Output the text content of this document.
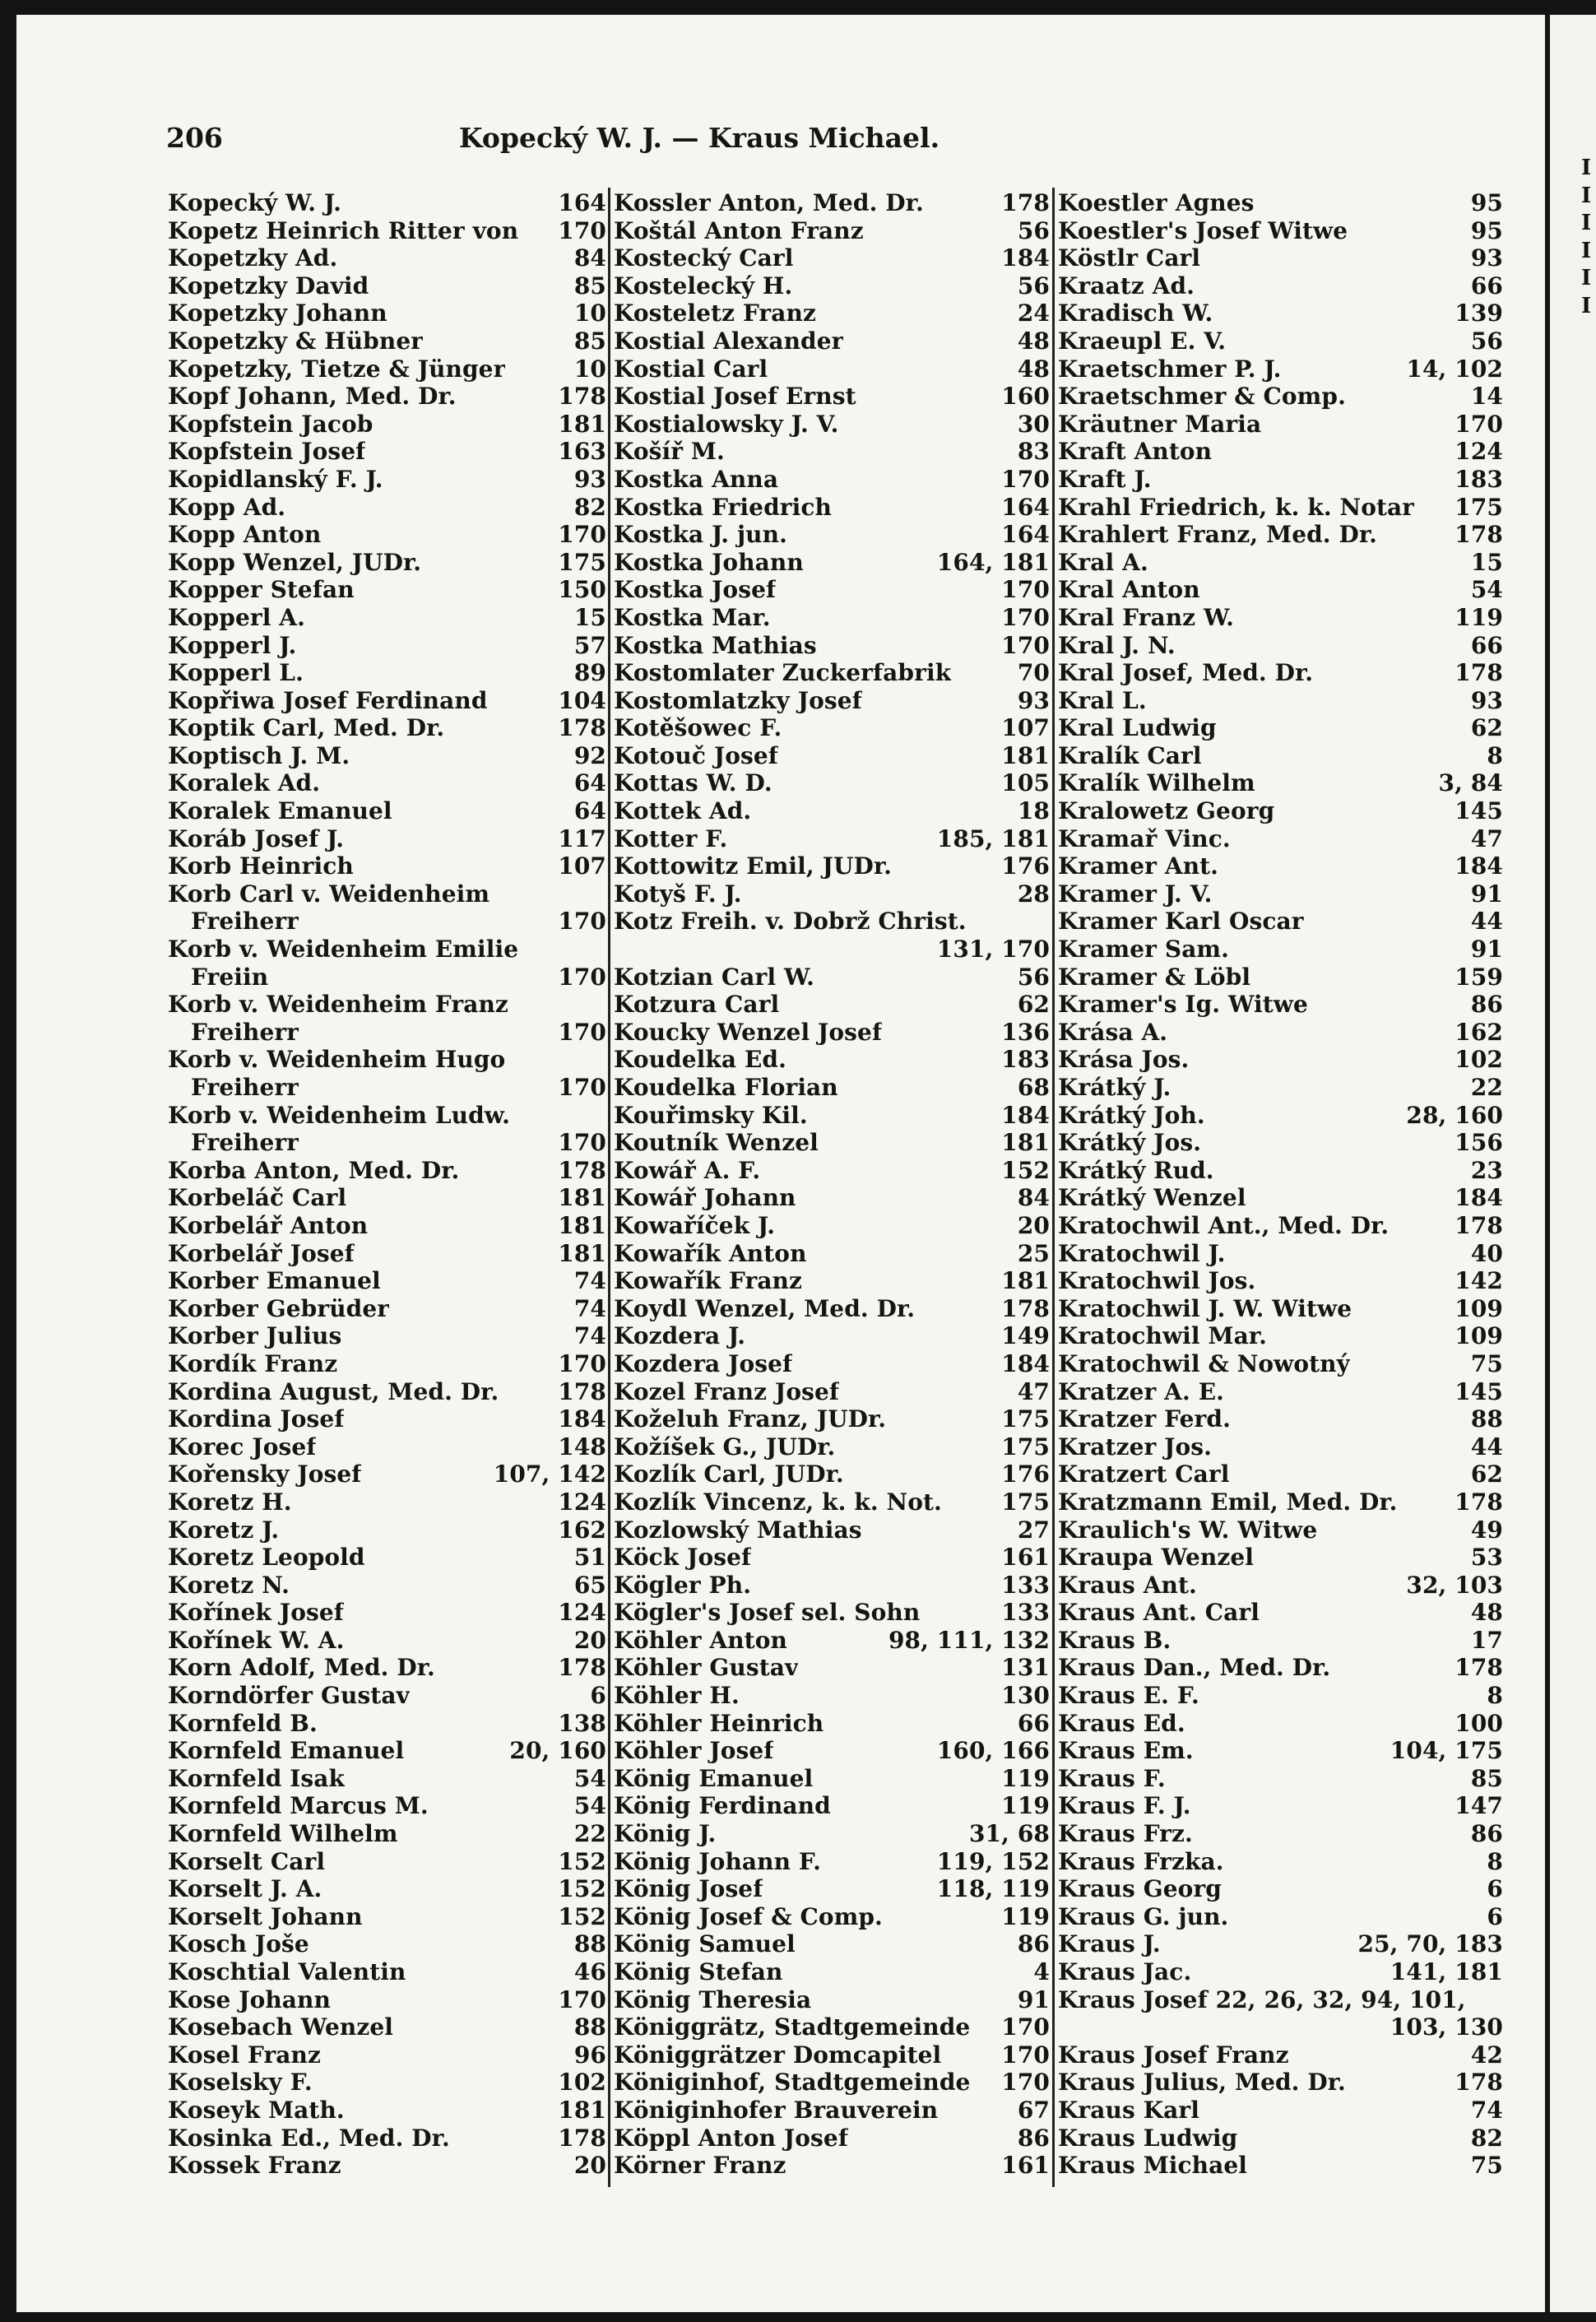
206	Kopecký W. J. — Kraus Michael.
Kopecký W. J.	164
Kopetz Heinrich Ritter von 170
Kopetzky Ad.	84
Kopetzky David	85
Kopetzky Johann	10
Kopetzky & Hübner	85
Kopetzky, Tietze & Jünger	10
Kopf Johann, Med. Dr.	178
Kopfstein Jacob	181
Kopfstein Josef	163
Kopidlanský F. J.	93
Kopp Ad.	82
Kopp Anton	170
Kopp Wenzel, JUDr.	175
Kopper Stefan	150
Kopperl A.	15
Kopperl J.	57
Kopperl L.	89
Kopřiwa Josef Ferdinand	104
Koptik Carl, Med. Dr.	178
Koptisch J. M.	92
Koralek Ad.	64
Koralek Emanuel	64
Koráb Josef J.	117
Korb Heinrich	107
Korb Carl v. Weidenheim
Freiherr	170
Korb v. Weidenheim Emilie
Freiin	170
Korb v. Weidenheim Franz
Freiherr	170
Korb v. Weidenheim Hugo
Freiherr	170
Korb v. Weidenheim Ludw.
Freiherr	170
Korba Anton, Med. Dr.	178
Korbeláč Carl	181
Korbelář Anton	181
Korbelář Josef	181
Korber Emanuel	74
Korber Gebrüder	74
Korber Julius	74
Kordík Franz	170
Kordina August, Med. Dr.	178
Kordina Josef	184
Korec Josef	148
Kořensky Josef	107, 142
Koretz H.	124
Koretz J.	162
Koretz Leopold	51
Koretz N.	65
Kořínek Josef	124
Kořínek W. A.	20
Korn Adolf, Med. Dr.	178
Korndörfer Gustav	6
Kornfeld B.	138
Kornfeld Emanuel	20, 160
Kornfeld Isak	54
Kornfeld Marcus M.	54
Kornfeld Wilhelm	22
Korselt Carl	152
Korselt J. A.	152
Korselt Johann	152
Kosch Jošе	88
Koschtial Valentin	46
Kose Johann	170
Kosebach Wenzel	88
Kosel Franz	96
Koselsky F.	102
Koseyk Math.	181
Kosinka Ed., Med. Dr.	178
Kossek Franz	20
Kossler Anton, Med. Dr.	178
Koštál Anton Franz	56
Kostecký Carl	184
Kostelecký H.	56
Kosteletz Franz	24
Kostial Alexander	48
Kostial Carl	48
Kostial Josef Ernst	160
Kostialowsky J. V.	30
Košíř M.	83
Kostka Anna	170
Kostka Friedrich	164
Kostka J. jun.	164
Kostka Johann	164, 181
Kostka Josef	170
Kostka Mar.	170
Kostka Mathias	170
Kostomlater Zuckerfabrik	70
Kostomlatzky Josef	93
Kotěšowec F.	107
Kotouč Josef	181
Kottas W. D.	105
Kottek Ad.	18
Kotter F.	185, 181
Kottowitz Emil, JUDr.	176
Kotyš F. J.	28
Kotz Freih. v. Dobrž Christ.
131, 170
Kotzian Carl W.	56
Kotzura Carl	62
Koucky Wenzel Josef	136
Koudelka Ed.	183
Koudelka Florian	68
Kouřimsky Kil.	184
Koutník Wenzel	181
Kowář A. F.	152
Kowář Johann	84
Kowaříček J.	20
Kowařík Anton	25
Kowařík Franz	181
Koydl Wenzel, Med. Dr.	178
Kozdera J.	149
Kozdera Josef	184
Kozel Franz Josef	47
Koželuh Franz, JUDr.	175
Kožíšek G., JUDr.	175
Kozlík Carl, JUDr.	176
Kozlík Vincenz, k. k. Not.	175
Kozlowský Mathias	27
Köck Josef	161
Kögler Ph.	133
Kögler's Josef sel. Sohn	133
Köhler Anton	98, 111, 132
Köhler Gustav	131
Köhler H.	130
Köhler Heinrich	66
Köhler Josef	160, 166
König Emanuel	119
König Ferdinand	119
König J.	31, 68
König Johann F.	119, 152
König Josef	118, 119
König Josef & Comp.	119
König Samuel	86
König Stefan	4
König Theresia	91
Königgrätz, Stadtgemeinde 170
Königgrätzer Domcapitel	170
Königinhof, Stadtgemeinde 170
Königinhofer Brauverein	67
Köppl Anton Josef	86
Körner Franz	161
Koestler Agnes	95
Koestler's Josef Witwe	95
Köstlr Carl	93
Kraatz Ad.	66
Kradisch W.	139
Kraeupl E. V.	56
Kraetschmer P. J.	14, 102
Kraetschmer & Comp.	14
Kräutner Maria	170
Kraft Anton	124
Kraft J.	183
Krahl Friedrich, k. k. Notar 175
Krahlert Franz, Med. Dr.	178
Kral A.	15
Kral Anton	54
Kral Franz W.	119
Kral J. N.	66
Kral Josef, Med. Dr.	178
Kral L.	93
Kral Ludwig	62
Kralík Carl	8
Kralík Wilhelm	3, 84
Kralowetz Georg	145
Kramař Vinc.	47
Kramer Ant.	184
Kramer J. V.	91
Kramer Karl Oscar	44
Kramer Sam.	91
Kramer & Löbl	159
Kramer's Ig. Witwe	86
Krása A.	162
Krása Jos.	102
Krátký J.	22
Krátký Joh.	28, 160
Krátký Jos.	156
Krátký Rud.	23
Krátký Wenzel	184
Kratochwil Ant., Med. Dr.	178
Kratochwil J.	40
Kratochwil Jos.	142
Kratochwil J. W. Witwe	109
Kratochwil Mar.	109
Kratochwil & Nowotný	75
Kratzer A. E.	145
Kratzer Ferd.	88
Kratzer Jos.	44
Kratzert Carl	62
Kratzmann Emil, Med. Dr. 178
Kraulich's W. Witwe	49
Kraupa Wenzel	53
Kraus Ant.	32, 103
Kraus Ant. Carl	48
Kraus B.	17
Kraus Dan., Med. Dr.	178
Kraus E. F.	8
Kraus Ed.	100
Kraus Em.	104, 175
Kraus F.	85
Kraus F. J.	147
Kraus Frz.	86
Kraus Frzka.	8
Kraus Georg	6
Kraus G. jun.	6
Kraus J.	25, 70, 183
Kraus Jac.	141, 181
Kraus Josef 22, 26, 32, 94, 101,
103, 130
Kraus Josef Franz	42
Kraus Julius, Med. Dr.	178
Kraus Karl	74
Kraus Ludwig	82
Kraus Michael	75
I
I
I
I
I
I
